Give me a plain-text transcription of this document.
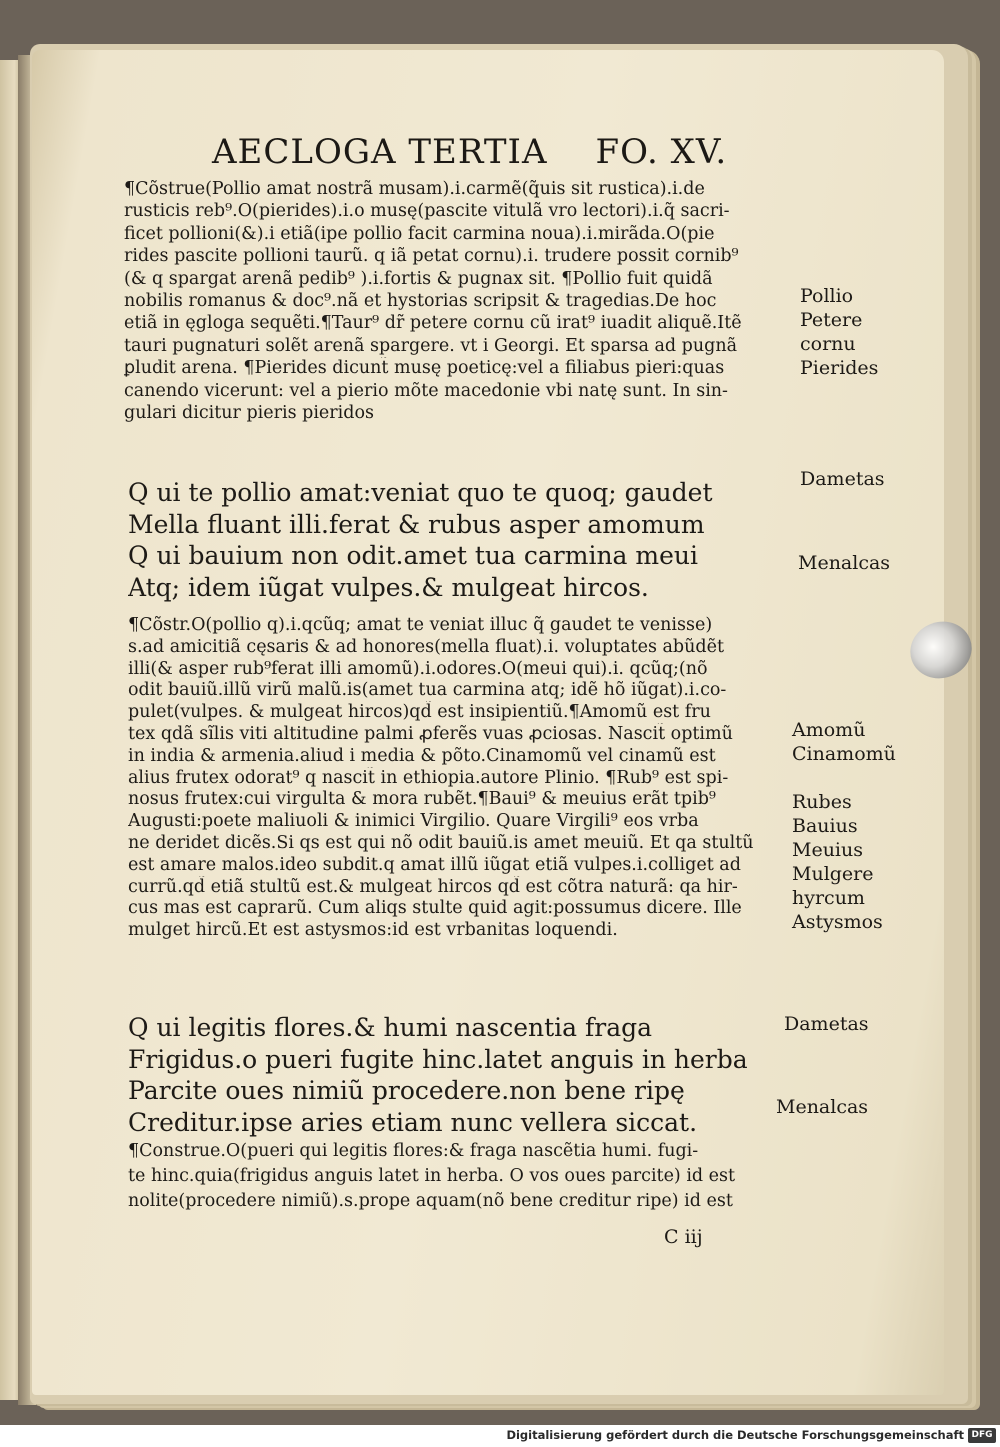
AECLOGA TERTIA FO. XV.
¶Cõstrue(Pollio amat nostrã musam).i.carmẽ(q̃uis sit rustica).i.de
rusticis reb⁹.O(pierides).i.o musę(pascite vitulã vro lectori).i.q̃ sacri-
ficet pollioni(&).i etiã(ipe pollio facit carmina noua).i.mirãda.O(pie
rides pascite pollioni taurũ. q iã petat cornu).i. trudere possit cornib⁹
(& q spargat arenã pedib⁹ ).i.fortis & pugnax sit. ¶Pollio fuit quidã
nobilis romanus & doc⁹.nã et hystorias scripsit & tragedias.De hoc
etiã in ęgloga sequẽti.¶Taur⁹ dr̃ petere cornu cũ irat⁹ iuadit aliquẽ.Itẽ
tauri pugnaturi solẽt arenã spargere. vt i Georgi. Et sparsa ad pugnã
ꝑludit arena. ¶Pierides dicunt̃ musę poeticę:vel a filiabus pieri:quas
canendo vicerunt: vel a pierio mõte macedonie vbi natę sunt. In sin-
gulari dicitur pieris pieridos
Q ui te pollio amat:veniat quo te quoq; gaudet
Mella fluant illi.ferat & rubus asper amomum
Q ui bauium non odit.amet tua carmina meui
Atq; idem iũgat vulpes.& mulgeat hircos.
¶Cõstr.O(pollio q).i.qcũq; amat te veniat illuc q̃ gaudet te venisse)
s.ad amicitiã cęsaris & ad honores(mella fluat).i. voluptates abũdẽt
illi(& asper rub⁹ferat illi amomũ).i.odores.O(meui qui).i. qcũq;(nõ
odit bauiũ.illũ virũ malũ.is(amet tua carmina atq; idẽ hõ iũgat).i.co-
pulet(vulpes. & mulgeat hircos)qd̃ est insipientiũ.¶Amomũ est fru
tex qdã sĩlis viti altitudine palmi ꝓferẽs vuas ꝓciosas. Nascit̃ optimũ
in india & armenia.aliud i media & põto.Cinamomũ vel cinamũ est
alius frutex odorat⁹ q nascit̃ in ethiopia.autore Plinio. ¶Rub⁹ est spi-
nosus frutex:cui virgulta & mora rubẽt.¶Baui⁹ & meuius erãt tpib⁹
Augusti:poete maliuoli & inimici Virgilio. Quare Virgili⁹ eos vrba
ne deridet dicẽs.Si qs est qui nõ odit bauiũ.is amet meuiũ. Et qa stultũ
est amare malos.ideo subdit.q amat illũ iũgat etiã vulpes.i.colliget ad
currũ.qd̃ etiã stultũ est.& mulgeat hircos qd̃ est cõtra naturã: qa hir-
cus mas est caprarũ. Cum aliqs stulte quid agit:possumus dicere. Ille
mulget hircũ.Et est astysmos:id est vrbanitas loquendi.
Q ui legitis flores.& humi nascentia fraga
Frigidus.o pueri fugite hinc.latet anguis in herba
Parcite oues nimiũ procedere.non bene ripę
Creditur.ipse aries etiam nunc vellera siccat.
¶Construe.O(pueri qui legitis flores:& fraga nascẽtia humi. fugi-
te hinc.quia(frigidus anguis latet in herba. O vos oues parcite) id est
nolite(procedere nimiũ).s.prope aquam(nõ bene creditur ripe) id est
C iij
Pollio
Petere
cornu
Pierides
Dametas
Menalcas
Amomũ
Cinamomũ
Rubes
Bauius
Meuius
Mulgere
hyrcum
Astysmos
Dametas
Menalcas
Digitalisierung gefördert durch die Deutsche Forschungsgemeinschaft DFG
